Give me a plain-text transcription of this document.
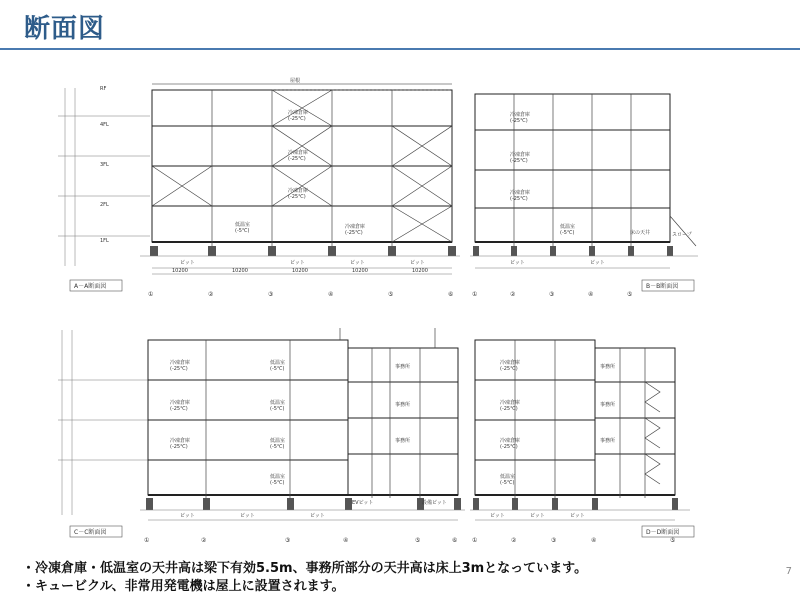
断面図
RF
4FL
3FL
2FL
1FL
冷凍倉庫(-25℃)
冷凍倉庫(-25℃)
冷凍倉庫(-25℃)
低温室(-5℃)
冷凍倉庫(-25℃)
屋根
ピット	ピット	ピット	ピット
10200	10200	10200	10200	10200
A－A断面図
①	②	③	④	⑤	⑥
冷凍倉庫(-25℃)
冷凍倉庫(-25℃)
冷凍倉庫(-25℃)
低温室(-5℃)	床の天井	スロープ
ピット	ピット
B－B断面図
①	②	③	④	⑤
冷凍倉庫(-25℃)
冷凍倉庫(-25℃)
冷凍倉庫(-25℃)
低温室(-5℃)
低温室(-5℃)
低温室(-5℃)
低温室(-5℃)
事務所
事務所
事務所
ピット	ピット	ピット
EVピット	設備ピット
C－C断面図
①	②	③	④	⑤	⑥
冷凍倉庫(-25℃)
冷凍倉庫(-25℃)
冷凍倉庫(-25℃)
低温室(-5℃)
事務所
事務所
事務所
ピット	ピット	ピット
D－D断面図
①	②	③	④	⑤
・冷凍倉庫・低温室の天井高は梁下有効5.5m、事務所部分の天井高は床上3mとなっています。
・キュービクル、非常用発電機は屋上に設置されます。
7
